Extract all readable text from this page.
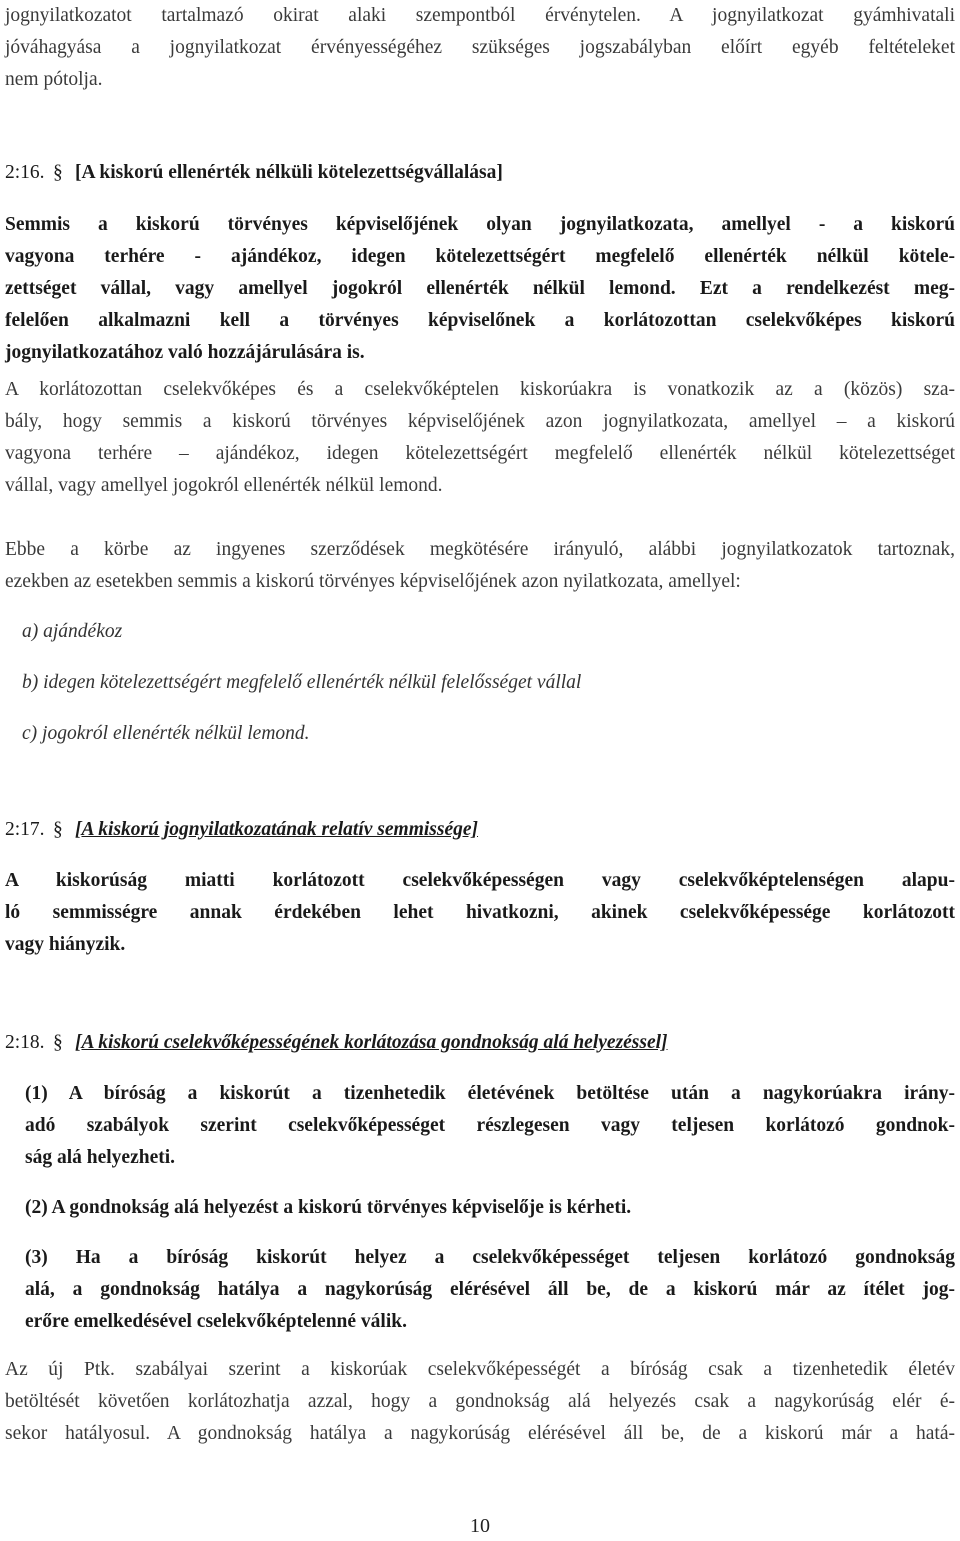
jognyilatkozatot tartalmazó okirat alaki szempontból érvénytelen. A jognyilatkozat gyámhivatali
jóváhagyása a jognyilatkozat érvényességéhez szükséges jogszabályban előírt egyéb feltételeket
nem pótolja.
2:16. § [A kiskorú ellenérték nélküli kötelezettségvállalása]
Semmis a kiskorú törvényes képviselőjének olyan jognyilatkozata, amellyel - a kiskorú
vagyona terhére - ajándékoz, idegen kötelezettségért megfelelő ellenérték nélkül kötele-
zettséget vállal, vagy amellyel jogokról ellenérték nélkül lemond. Ezt a rendelkezést meg-
felelően alkalmazni kell a törvényes képviselőnek a korlátozottan cselekvőképes kiskorú
jognyilatkozatához való hozzájárulására is.
A korlátozottan cselekvőképes és a cselekvőképtelen kiskorúakra is vonatkozik az a (közös) sza-
bály, hogy semmis a kiskorú törvényes képviselőjének azon jognyilatkozata, amellyel – a kiskorú
vagyona terhére – ajándékoz, idegen kötelezettségért megfelelő ellenérték nélkül kötelezettséget
vállal, vagy amellyel jogokról ellenérték nélkül lemond.
Ebbe a körbe az ingyenes szerződések megkötésére irányuló, alábbi jognyilatkozatok tartoznak,
ezekben az esetekben semmis a kiskorú törvényes képviselőjének azon nyilatkozata, amellyel:
a) ajándékoz
b) idegen kötelezettségért megfelelő ellenérték nélkül felelősséget vállal
c) jogokról ellenérték nélkül lemond.
2:17. § [A kiskorú jognyilatkozatának relatív semmissége]
A kiskorúság miatti korlátozott cselekvőképességen vagy cselekvőképtelenségen alapu-
ló semmisségre annak érdekében lehet hivatkozni, akinek cselekvőképessége korlátozott
vagy hiányzik.
2:18. § [A kiskorú cselekvőképességének korlátozása gondnokság alá helyezéssel]
(1) A bíróság a kiskorút a tizenhetedik életévének betöltése után a nagykorúakra irány-
adó szabályok szerint cselekvőképességet részlegesen vagy teljesen korlátozó gondnok-
ság alá helyezheti.
(2) A gondnokság alá helyezést a kiskorú törvényes képviselője is kérheti.
(3) Ha a bíróság kiskorút helyez a cselekvőképességet teljesen korlátozó gondnokság
alá, a gondnokság hatálya a nagykorúság elérésével áll be, de a kiskorú már az ítélet jog-
erőre emelkedésével cselekvőképtelenné válik.
Az új Ptk. szabályai szerint a kiskorúak cselekvőképességét a bíróság csak a tizenhetedik életév
betöltését követően korlátozhatja azzal, hogy a gondnokság alá helyezés csak a nagykorúság elér é-
sekor hatályosul. A gondnokság hatálya a nagykorúság elérésével áll be, de a kiskorú már a hatá-
10
